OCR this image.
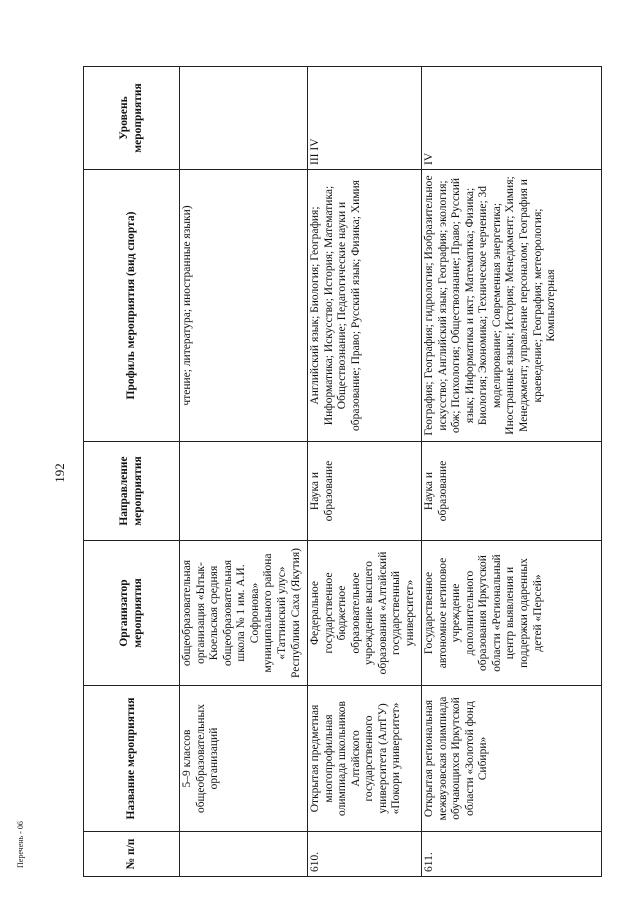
192
Перечень - 06	№ п/п	Название мероприятия	Организатор мероприятия	Направление мероприятия	Профиль мероприятия (вид спорта)	Уровень мероприятия
	5–9 классов общеобразовательных организаций	общеобразовательная организация «Ытык-Кюельская средняя общеобразовательная школа № 1 им. А.И. Софронова» муниципального района «Таттинский улус» Республики Саха (Якутия)		чтение; литература; иностранные языки)	
610.	Открытая предметная многопрофильная олимпиада школьников Алтайского государственного университета (АлтГУ) «Покори университет»	Федеральное государственное бюджетное образовательное учреждение высшего образования «Алтайский государственный университет»	Наука и образование	Английский язык; Биология; География; Информатика; Искусство; История; Математика; Обществознание; Педагогические науки и образование; Право; Русский язык; Физика; Химия	III IV
611.	Открытая региональная межвузовская олимпиада обучающихся Иркутской области «Золотой фонд Сибири»	Государственное автономное нетиповое учреждение дополнительного образования Иркутской области «Региональный центр выявления и поддержки одаренных детей «Персей»	Наука и образование	География; География; гидрология; Изобразительное искусство; Английский язык; География; экология; обж; Психология; Обществознание; Право; Русский язык; Информатика и икт; Математика; Физика; Биология; Экономика; Техническое черчение; 3d моделирование; Современная энергетика; Иностранные языки; История; Менеджмент; Химия; Менеджмент; управление персоналом; География и краеведение; География; метеорология; Компьютерная	IV
